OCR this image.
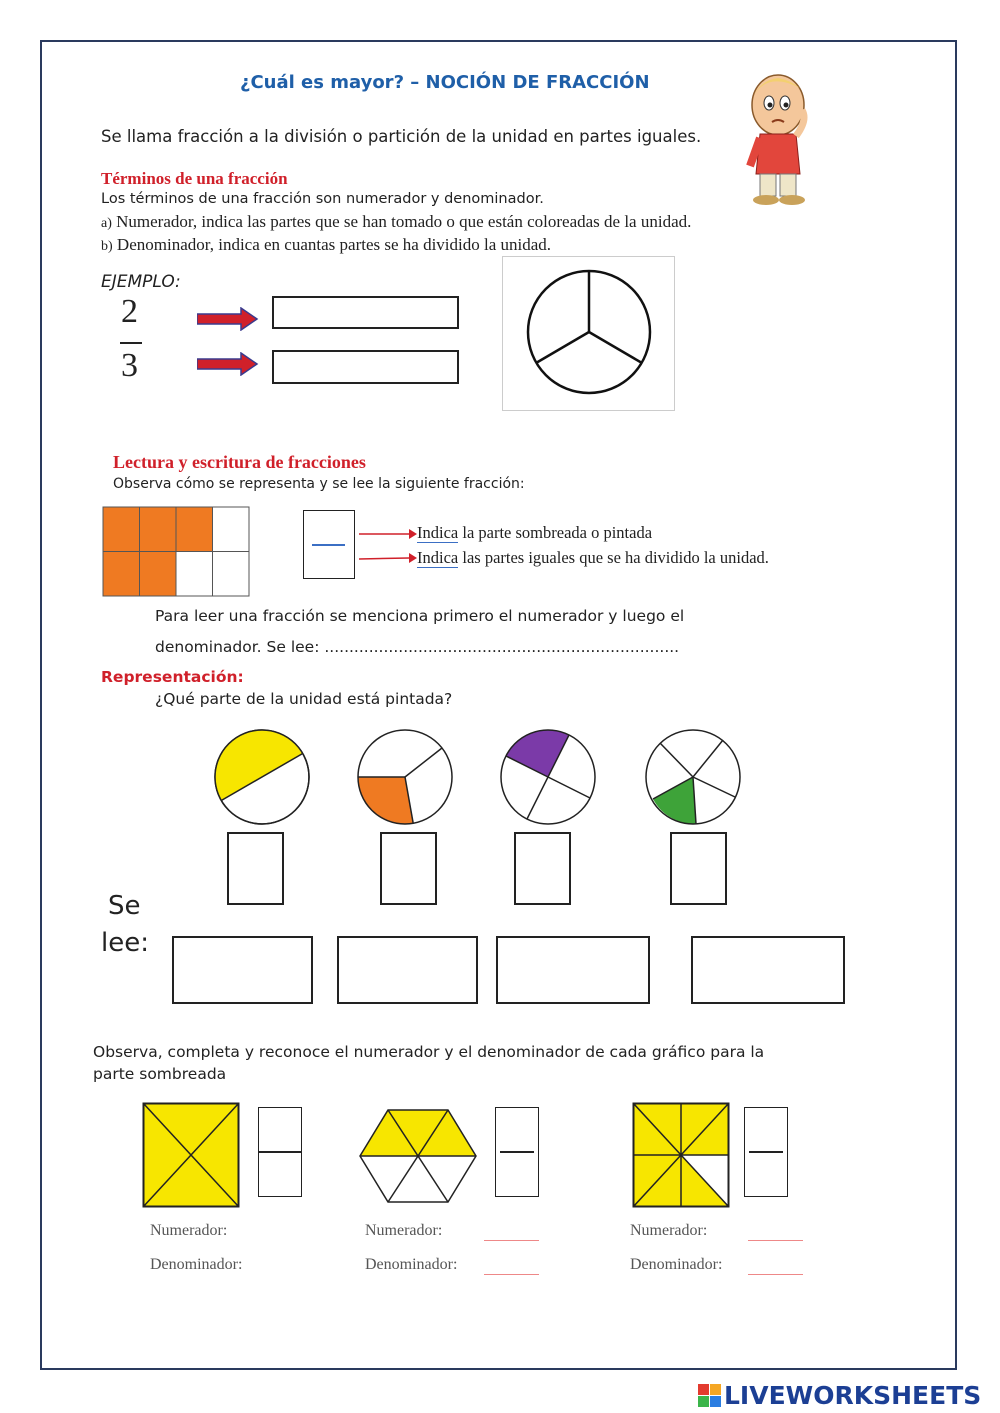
¿Cuál es mayor? – NOCIÓN DE FRACCIÓN
Se llama fracción a la división o partición de la unidad en partes iguales.
Términos de una fracción
Los términos de una fracción son numerador y denominador.
a) Numerador, indica las partes que se han tomado o que están coloreadas de la unidad.
b) Denominador, indica en cuantas partes se ha dividido la unidad.
EJEMPLO:
2
3
Lectura y escritura de fracciones
Observa cómo se representa y se lee la siguiente fracción:
Indica la parte sombreada o pintada
Indica las partes iguales que se ha dividido la unidad.
Para leer una fracción se menciona primero el numerador y luego el
denominador. Se lee: ........................................................................
Representación:
¿Qué parte de la unidad está pintada?
Se
lee:
Observa, completa y reconoce el numerador y el denominador de cada gráfico para la
parte sombreada
Numerador:
Denominador:
Numerador:
Denominador:
Numerador:
Denominador:
LIVEWORKSHEETS
